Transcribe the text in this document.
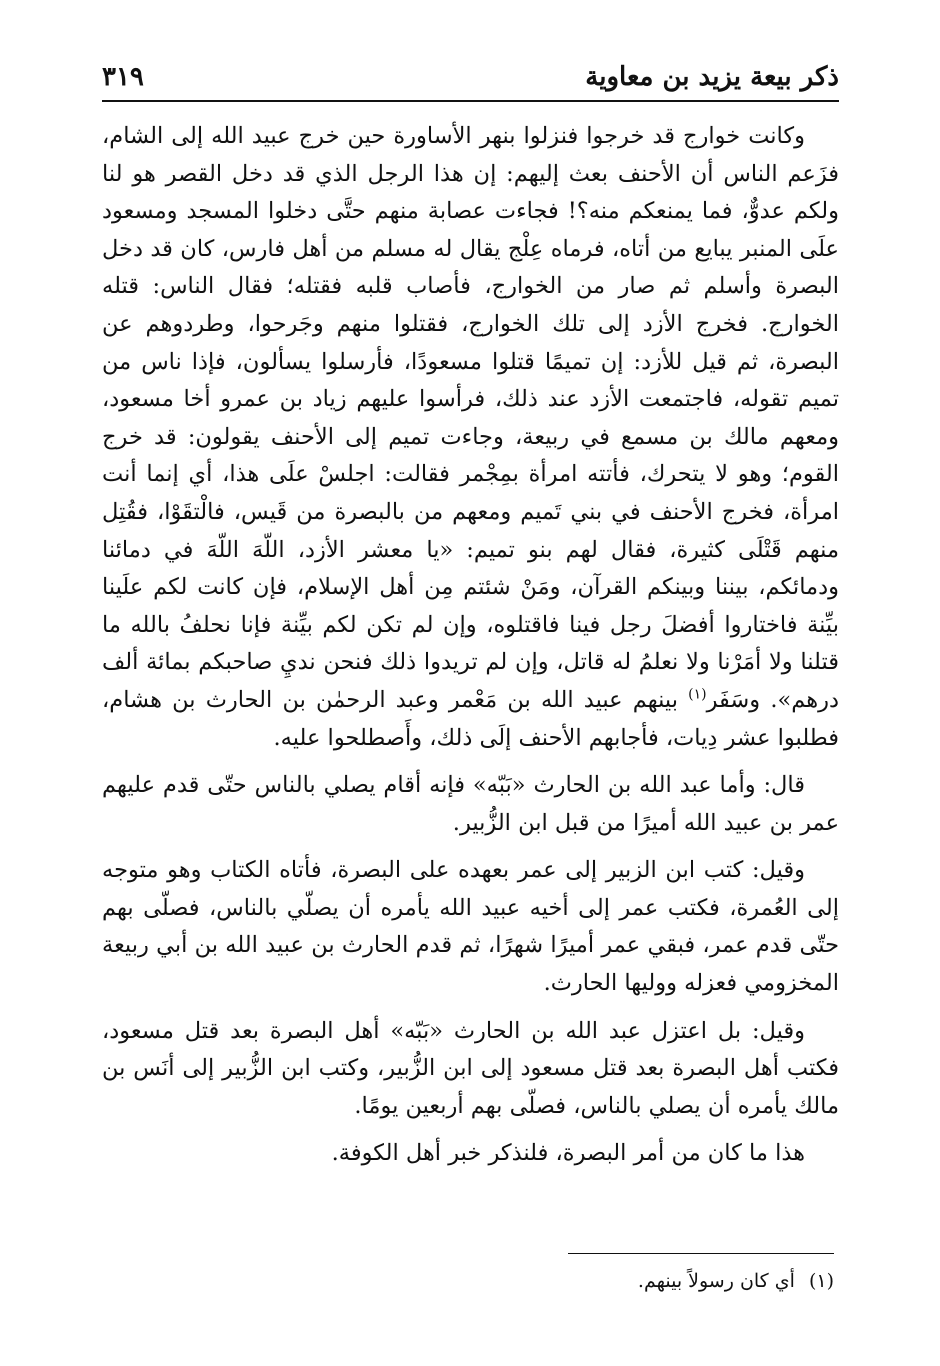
ذكر بيعة يزيد بن معاوية
٣١٩

وكانت خوارج قد خرجوا فنزلوا بنهر الأساورة حين خرج عبيد الله إلى الشام، فزَعم الناس أن الأحنف بعث إليهم: إن هذا الرجل الذي قد دخل القصر هو لنا ولكم عدوٌّ، فما يمنعكم منه؟! فجاءت عصابة منهم حتَّى دخلوا المسجد ومسعود علَى المنبر يبايع من أتاه، فرماه عِلْج يقال له مسلم من أهل فارس، كان قد دخل البصرة وأسلم ثم صار من الخوارج، فأصاب قلبه فقتله؛ فقال الناس: قتله الخوارج. فخرج الأزد إلى تلك الخوارج، فقتلوا منهم وجَرحوا، وطردوهم عن البصرة، ثم قيل للأزد: إن تميمًا قتلوا مسعودًا، فأرسلوا يسألون، فإذا ناس من تميم تقوله، فاجتمعت الأزد عند ذلك، فرأسوا عليهم زياد بن عمرو أخا مسعود، ومعهم مالك بن مسمع في ربيعة، وجاءت تميم إلى الأحنف يقولون: قد خرج القوم؛ وهو لا يتحرك، فأتته امرأة بمِجْمر فقالت: اجلسْ علَى هذا، أي إنما أنت امرأة، فخرج الأحنف في بني تَميم ومعهم من بالبصرة من قَيس، فالْتقَوْا، فقُتِل منهم قَتْلَى كثيرة، فقال لهم بنو تميم: «يا معشر الأزد، اللّهَ اللّهَ في دمائنا ودمائكم، بيننا وبينكم القرآن، ومَنْ شئتم مِن أهل الإسلام، فإن كانت لكم علَينا بيِّنة فاختاروا أفضلَ رجل فينا فاقتلوه، وإن لم تكن لكم بيِّنة فإنا نحلفُ بالله ما قتلنا ولا أمَرْنا ولا نعلمُ له قاتل، وإن لم تريدوا ذلك فنحن نديِ صاحبكم بمائة ألف درهم». وسَفَر$^{(١)}$ بينهم عبيد الله بن مَعْمر وعبد الرحمٰن بن الحارث بن هشام، فطلبوا عشر دِيات، فأجابهم الأحنف إلَى ذلك، وأَصطلحوا عليه.

قال: وأما عبد الله بن الحارث «بَبّه» فإنه أقام يصلي بالناس حتّى قدم عليهم عمر بن عبيد الله أميرًا من قبل ابن الزُّبير.

وقيل: كتب ابن الزبير إلى عمر بعهده على البصرة، فأتاه الكتاب وهو متوجه إلى العُمرة، فكتب عمر إلى أخيه عبيد الله يأمره أن يصلّي بالناس، فصلّى بهم حتّى قدم عمر، فبقي عمر أميرًا شهرًا، ثم قدم الحارث بن عبيد الله بن أبي ربيعة المخزومي فعزله ووليها الحارث.

وقيل: بل اعتزل عبد الله بن الحارث «بَبّه» أهل البصرة بعد قتل مسعود، فكتب أهل البصرة بعد قتل مسعود إلى ابن الزُّبير، وكتب ابن الزُّبير إلى أنَس بن مالك يأمره أن يصلي بالناس، فصلّى بهم أربعين يومًا.

هذا ما كان من أمر البصرة، فلنذكر خبر أهل الكوفة.

(١)أي كان رسولاً بينهم.
